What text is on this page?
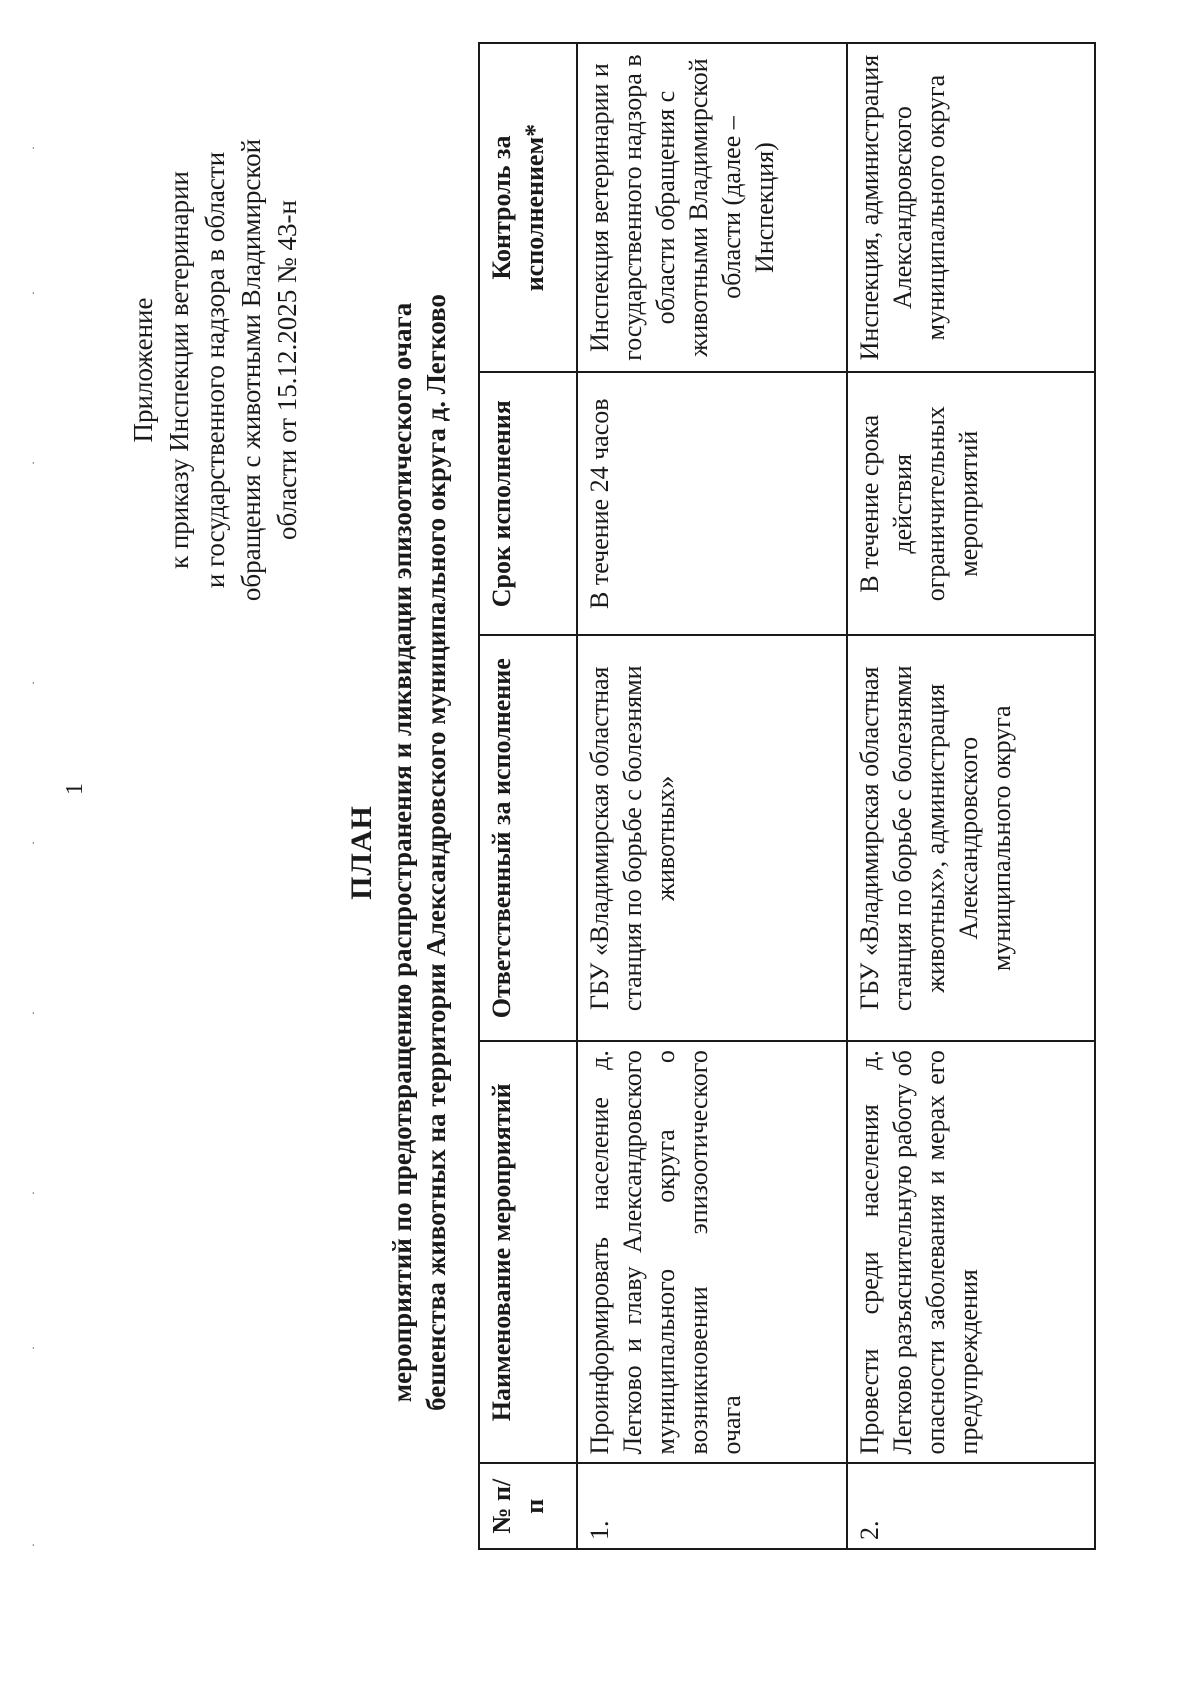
·
·
·
·
·
·
·
·
·
1
Приложение к приказу Инспекции ветеринарии и государственного надзора в области обращения с животными Владимирской области от 15.12.2025 № 43-н
ПЛАН мероприятий по предотвращению распространения и ликвидации эпизоотического очага бешенства животных на территории Александровского муниципального округа д. Легково
№ п/п	Наименование мероприятий	Ответственный за исполнение	Срок исполнения	Контроль за исполнением*
1.	Проинформировать население д. Легково и главу Александровского муниципального округа о возникновении эпизоотического очага	ГБУ «Владимирская областная станция по борьбе с болезнями животных»	В течение 24 часов	Инспекция ветеринарии и государственного надзора в области обращения с животными Владимирской области (далее – Инспекция)
2.	Провести среди населения д. Легково разъяснительную работу об опасности заболевания и мерах его предупреждения	ГБУ «Владимирская областная станция по борьбе с болезнями животных», администрация Александровского муниципального округа	В течение срока действия ограничительных мероприятий	Инспекция, администрация Александровского муниципального округа
